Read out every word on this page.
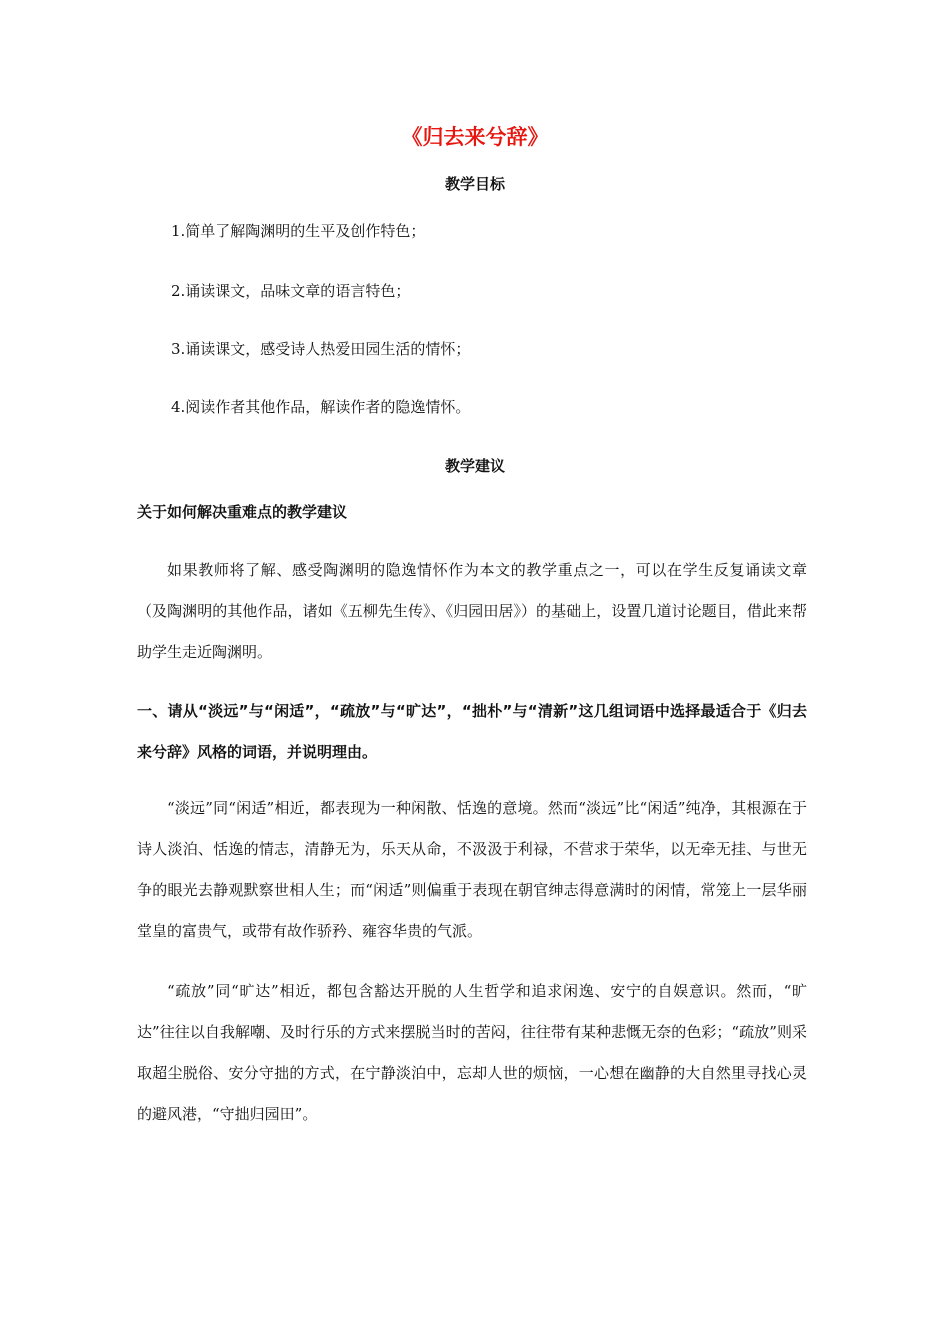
《归去来兮辞》
教学目标
1.简单了解陶渊明的生平及创作特色；
2.诵读课文，品味文章的语言特色；
3.诵读课文，感受诗人热爱田园生活的情怀；
4.阅读作者其他作品，解读作者的隐逸情怀。
教学建议
关于如何解决重难点的教学建议

如果教师将了解、感受陶渊明的隐逸情怀作为本文的教学重点之一，可以在学生反复诵读文章（及陶渊明的其他作品，诸如《五柳先生传》、《归园田居》）的基础上，设置几道讨论题目，借此来帮助学生走近陶渊明。

一、请从“淡远”与“闲适”，“疏放”与“旷达”，“拙朴”与“清新”这几组词语中选择最适合于《归去来兮辞》风格的词语，并说明理由。

“淡远”同“闲适”相近，都表现为一种闲散、恬逸的意境。然而“淡远”比“闲适”纯净，其根源在于诗人淡泊、恬逸的情志，清静无为，乐天从命，不汲汲于利禄，不营求于荣华，以无牵无挂、与世无争的眼光去静观默察世相人生；而“闲适”则偏重于表现在朝官绅志得意满时的闲情，常笼上一层华丽堂皇的富贵气，或带有故作骄矜、雍容华贵的气派。

“疏放”同“旷达”相近，都包含豁达开脱的人生哲学和追求闲逸、安宁的自娱意识。然而，“旷达”往往以自我解嘲、及时行乐的方式来摆脱当时的苦闷，往往带有某种悲慨无奈的色彩；“疏放”则采取超尘脱俗、安分守拙的方式，在宁静淡泊中，忘却人世的烦恼，一心想在幽静的大自然里寻找心灵的避风港，“守拙归园田”。
